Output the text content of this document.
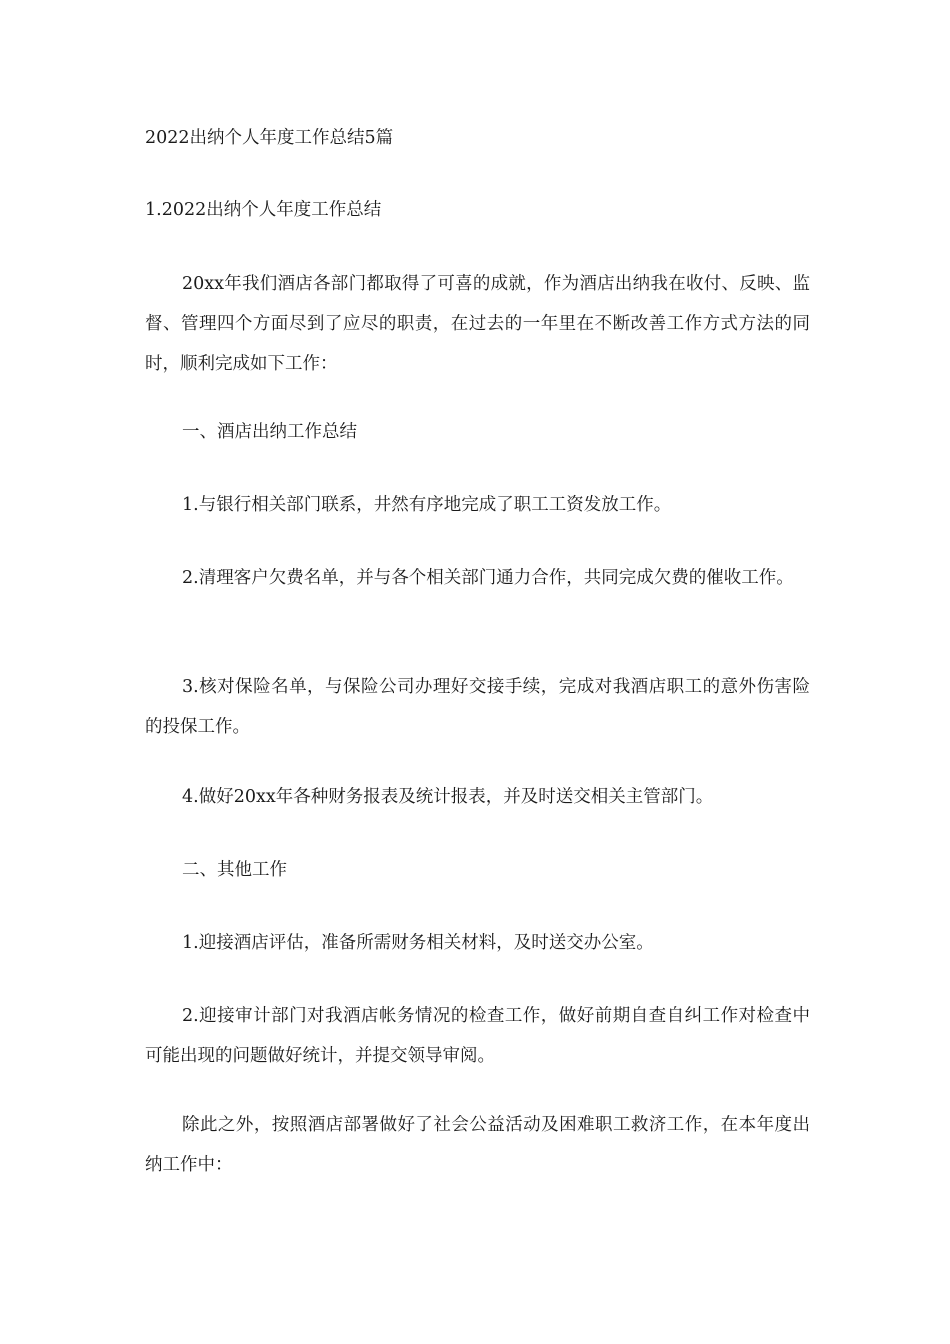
2022出纳个人年度工作总结5篇

1.2022出纳个人年度工作总结

20xx年我们酒店各部门都取得了可喜的成就，作为酒店出纳我在收付、反映、监督、管理四个方面尽到了应尽的职责，在过去的一年里在不断改善工作方式方法的同时，顺利完成如下工作：

一、酒店出纳工作总结

1.与银行相关部门联系，井然有序地完成了职工工资发放工作。

2.清理客户欠费名单，并与各个相关部门通力合作，共同完成欠费的催收工作。

3.核对保险名单，与保险公司办理好交接手续，完成对我酒店职工的意外伤害险的投保工作。

4.做好20xx年各种财务报表及统计报表，并及时送交相关主管部门。

二、其他工作

1.迎接酒店评估，准备所需财务相关材料，及时送交办公室。

2.迎接审计部门对我酒店帐务情况的检查工作，做好前期自查自纠工作对检查中可能出现的问题做好统计，并提交领导审阅。

除此之外，按照酒店部署做好了社会公益活动及困难职工救济工作，在本年度出纳工作中：
